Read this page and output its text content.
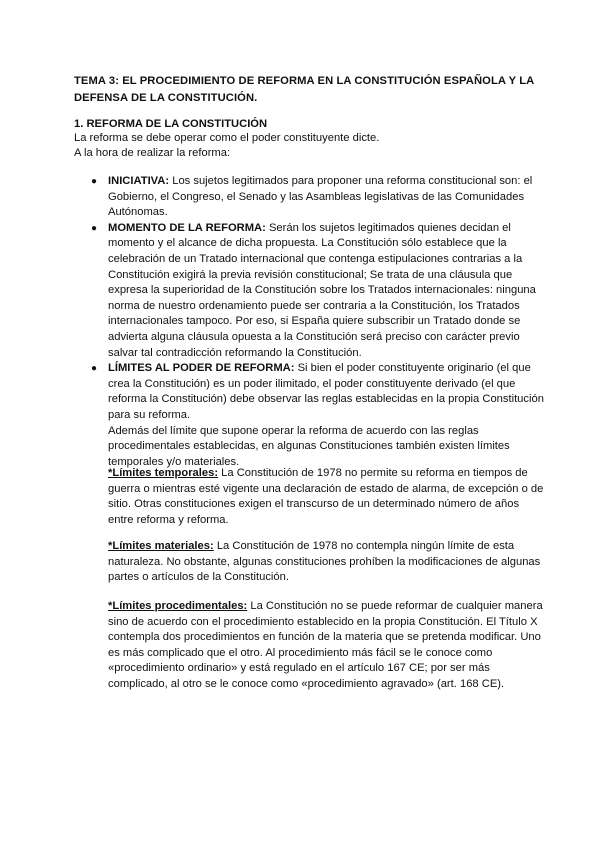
TEMA 3: EL PROCEDIMIENTO DE REFORMA EN LA CONSTITUCIÓN ESPAÑOLA Y LA DEFENSA DE LA CONSTITUCIÓN.
1. REFORMA DE LA CONSTITUCIÓN
La reforma se debe operar como el poder constituyente dicte.
A la hora de realizar la reforma:
● INICIATIVA: Los sujetos legitimados para proponer una reforma constitucional son: el Gobierno, el Congreso, el Senado y las Asambleas legislativas de las Comunidades Autónomas.
● MOMENTO DE LA REFORMA: Serán los sujetos legitimados quienes decidan el momento y el alcance de dicha propuesta. La Constitución sólo establece que la celebración de un Tratado internacional que contenga estipulaciones contrarias a la Constitución exigirá la previa revisión constitucional; Se trata de una cláusula que expresa la superioridad de la Constitución sobre los Tratados internacionales: ninguna norma de nuestro ordenamiento puede ser contraria a la Constitución, los Tratados internacionales tampoco. Por eso, si España quiere subscribir un Tratado donde se advierta alguna cláusula opuesta a la Constitución será preciso con carácter previo salvar tal contradicción reformando la Constitución.
● LÍMITES AL PODER DE REFORMA: Si bien el poder constituyente originario (el que crea la Constitución) es un poder ilimitado, el poder constituyente derivado (el que reforma la Constitución) debe observar las reglas establecidas en la propia Constitución para su reforma.
Además del límite que supone operar la reforma de acuerdo con las reglas procedimentales establecidas, en algunas Constituciones también existen límites temporales y/o materiales.
*Límites temporales: La Constitución de 1978 no permite su reforma en tiempos de guerra o mientras esté vigente una declaración de estado de alarma, de excepción o de sitio. Otras constituciones exigen el transcurso de un determinado número de años entre reforma y reforma.
*Límites materiales: La Constitución de 1978 no contempla ningún límite de esta naturaleza. No obstante, algunas constituciones prohíben la modificaciones de algunas partes o artículos de la Constitución.
*Límites procedimentales: La Constitución no se puede reformar de cualquier manera sino de acuerdo con el procedimiento establecido en la propia Constitución. El Título X contempla dos procedimientos en función de la materia que se pretenda modificar. Uno es más complicado que el otro. Al procedimiento más fácil se le conoce como «procedimiento ordinario» y está regulado en el artículo 167 CE; por ser más complicado, al otro se le conoce como «procedimiento agravado» (art. 168 CE).
